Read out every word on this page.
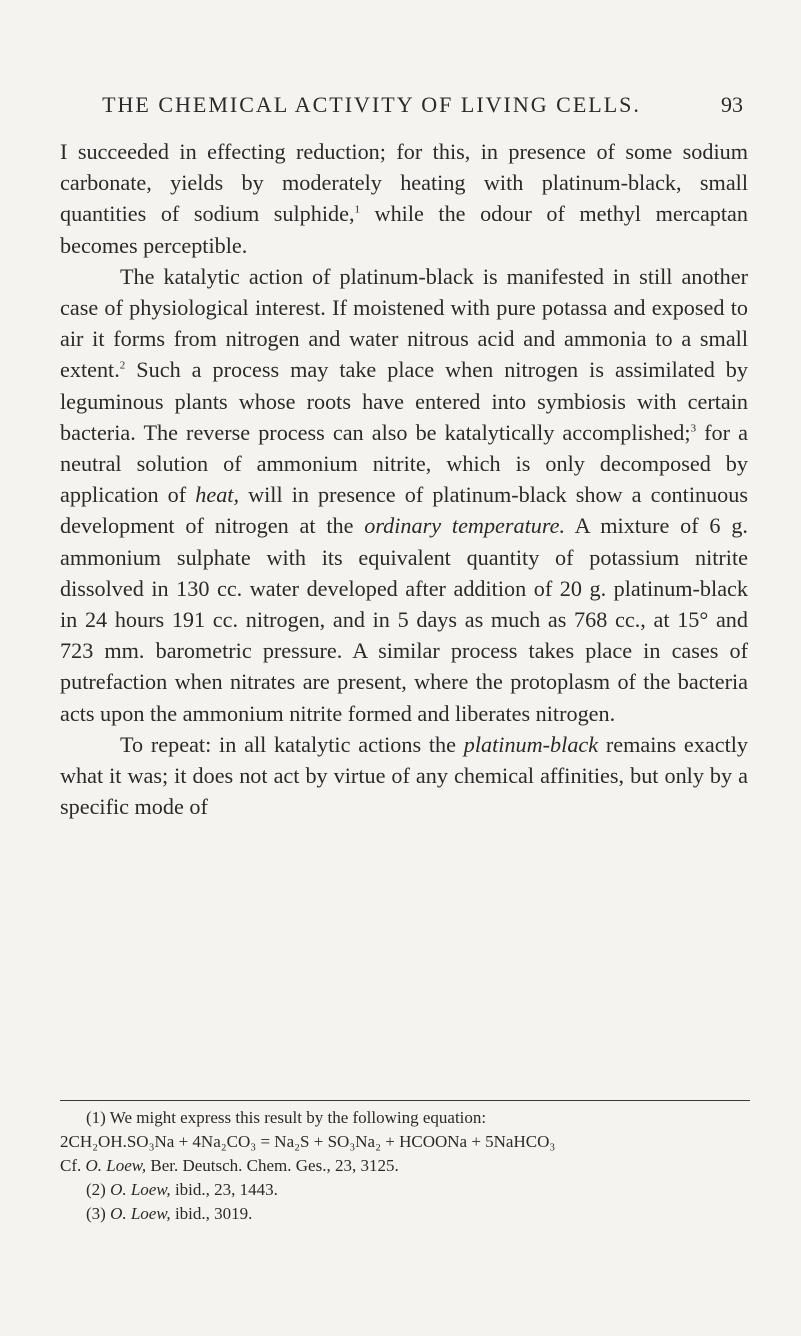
THE CHEMICAL ACTIVITY OF LIVING CELLS.	93

I succeeded in effecting reduction; for this, in presence of some sodium carbonate, yields by moderately heating with platinum-black, small quantities of sodium sulphide,$^1$ while the odour of methyl mercaptan becomes perceptible.

The katalytic action of platinum-black is manifested in still another case of physiological interest. If moistened with pure potassa and exposed to air it forms from nitrogen and water nitrous acid and ammonia to a small extent.$^2$ Such a process may take place when nitrogen is assimilated by leguminous plants whose roots have entered into symbiosis with certain bacteria. The reverse process can also be katalytically accomplished;$^3$ for a neutral solution of ammonium nitrite, which is only decomposed by application of heat, will in presence of platinum-black show a continuous development of nitrogen at the ordinary temperature. A mixture of 6 g. ammonium sulphate with its equivalent quantity of potassium nitrite dissolved in 130 cc. water developed after addition of 20 g. platinum-black in 24 hours 191 cc. nitrogen, and in 5 days as much as 768 cc., at 15° and 723 mm. barometric pressure. A similar process takes place in cases of putrefaction when nitrates are present, where the protoplasm of the bacteria acts upon the ammonium nitrite formed and liberates nitrogen.

To repeat: in all katalytic actions the platinum-black remains exactly what it was; it does not act by virtue of any chemical affinities, but only by a specific mode of

(1) We might express this result by the following equation:
2CH₂OH.SO₃Na + 4Na₂CO₃ = Na₂S + SO₃Na₂ + HCOONa + 5NaHCO₃
Cf. O. Loew, Ber. Deutsch. Chem. Ges., 23, 3125.
(2) O. Loew, ibid., 23, 1443.
(3) O. Loew, ibid., 3019.
